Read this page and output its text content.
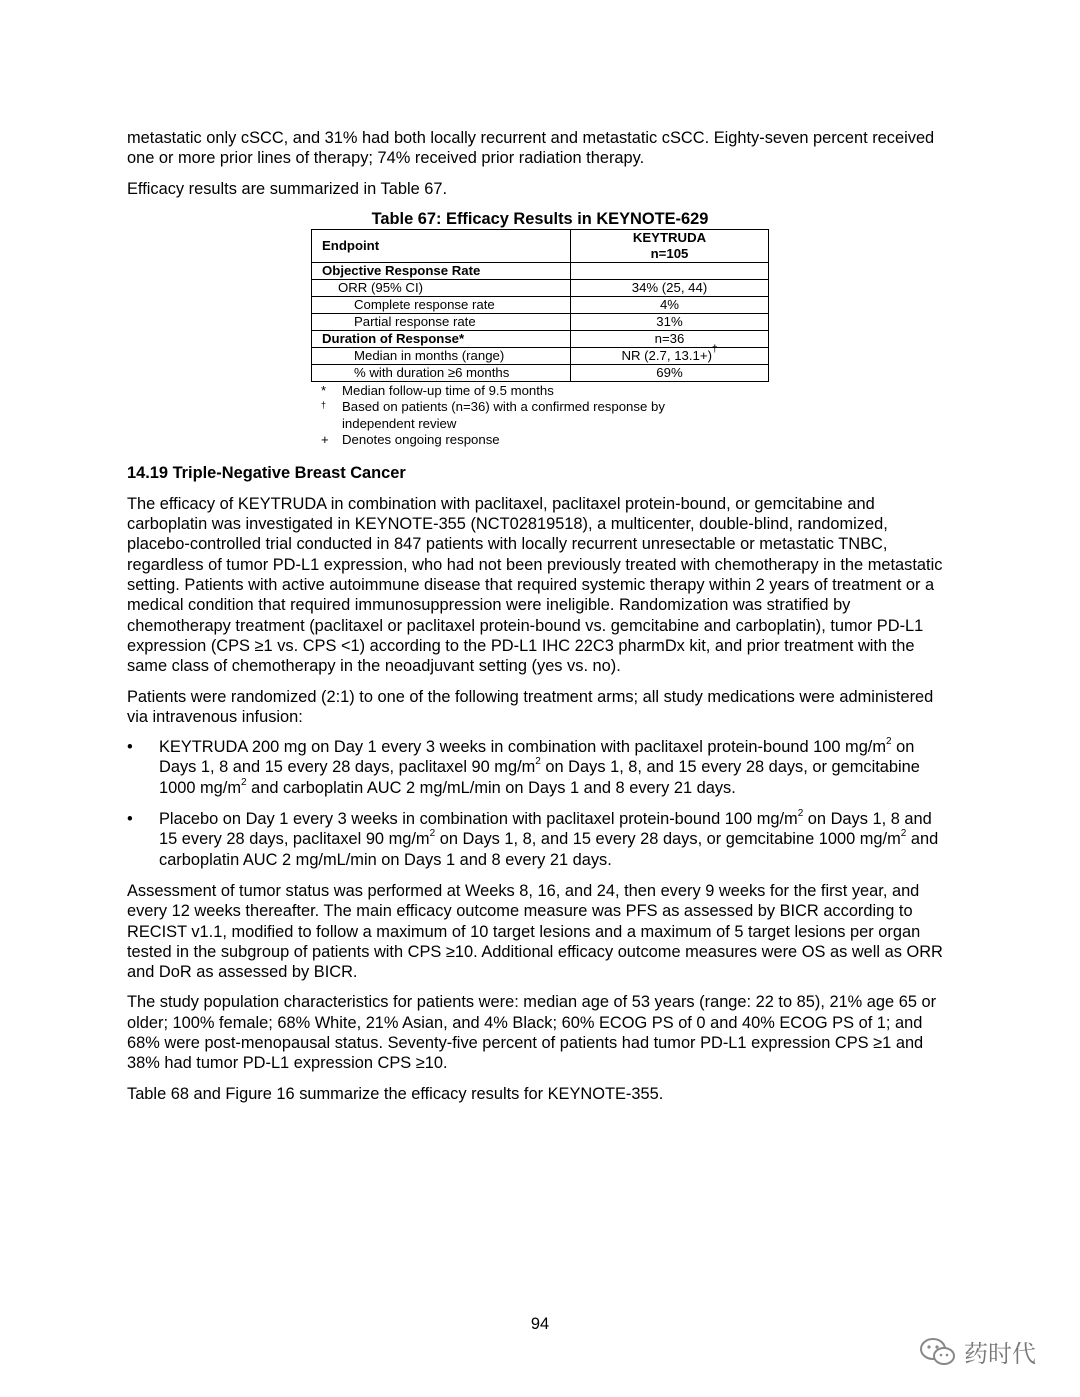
metastatic only cSCC, and 31% had both locally recurrent and metastatic cSCC. Eighty-seven percent received one or more prior lines of therapy; 74% received prior radiation therapy.

Efficacy results are summarized in Table 67.

Table 67: Efficacy Results in KEYNOTE-629
Endpoint	KEYTRUDA
n=105

Objective Response Rate	
ORR (95% CI)	34% (25, 44)
Complete response rate	4%
Partial response rate	31%
Duration of Response*	n=36
Median in months (range)	NR (2.7, 13.1+)†
% with duration ≥6 months	69%
*	Median follow-up time of 9.5 months
†	Based on patients (n=36) with a confirmed response by independent review
+	Denotes ongoing response
14.19 Triple-Negative Breast Cancer

The efficacy of KEYTRUDA in combination with paclitaxel, paclitaxel protein-bound, or gemcitabine and carboplatin was investigated in KEYNOTE-355 (NCT02819518), a multicenter, double-blind, randomized, placebo-controlled trial conducted in 847 patients with locally recurrent unresectable or metastatic TNBC, regardless of tumor PD-L1 expression, who had not been previously treated with chemotherapy in the metastatic setting. Patients with active autoimmune disease that required systemic therapy within 2 years of treatment or a medical condition that required immunosuppression were ineligible. Randomization was stratified by chemotherapy treatment (paclitaxel or paclitaxel protein-bound vs. gemcitabine and carboplatin), tumor PD-L1 expression (CPS ≥1 vs. CPS <1) according to the PD-L1 IHC 22C3 pharmDx kit, and prior treatment with the same class of chemotherapy in the neoadjuvant setting (yes vs. no).

Patients were randomized (2:1) to one of the following treatment arms; all study medications were administered via intravenous infusion:

• KEYTRUDA 200 mg on Day 1 every 3 weeks in combination with paclitaxel protein-bound 100 $mg/m^2$ on Days 1, 8 and 15 every 28 days, paclitaxel 90 $mg/m^2$ on Days 1, 8, and 15 every 28 days, or gemcitabine 1000 $mg/m^2$ and carboplatin AUC 2 mg/mL/min on Days 1 and 8 every 21 days.
• Placebo on Day 1 every 3 weeks in combination with paclitaxel protein-bound 100 $mg/m^2$ on Days 1, 8 and 15 every 28 days, paclitaxel 90 $mg/m^2$ on Days 1, 8, and 15 every 28 days, or gemcitabine 1000 $mg/m^2$ and carboplatin AUC 2 mg/mL/min on Days 1 and 8 every 21 days.

Assessment of tumor status was performed at Weeks 8, 16, and 24, then every 9 weeks for the first year, and every 12 weeks thereafter. The main efficacy outcome measure was PFS as assessed by BICR according to RECIST v1.1, modified to follow a maximum of 10 target lesions and a maximum of 5 target lesions per organ tested in the subgroup of patients with CPS ≥10. Additional efficacy outcome measures were OS as well as ORR and DoR as assessed by BICR.

The study population characteristics for patients were: median age of 53 years (range: 22 to 85), 21% age 65 or older; 100% female; 68% White, 21% Asian, and 4% Black; 60% ECOG PS of 0 and 40% ECOG PS of 1; and 68% were post-menopausal status. Seventy-five percent of patients had tumor PD-L1 expression CPS ≥1 and 38% had tumor PD-L1 expression CPS ≥10.

Table 68 and Figure 16 summarize the efficacy results for KEYNOTE-355.

94
药时代
